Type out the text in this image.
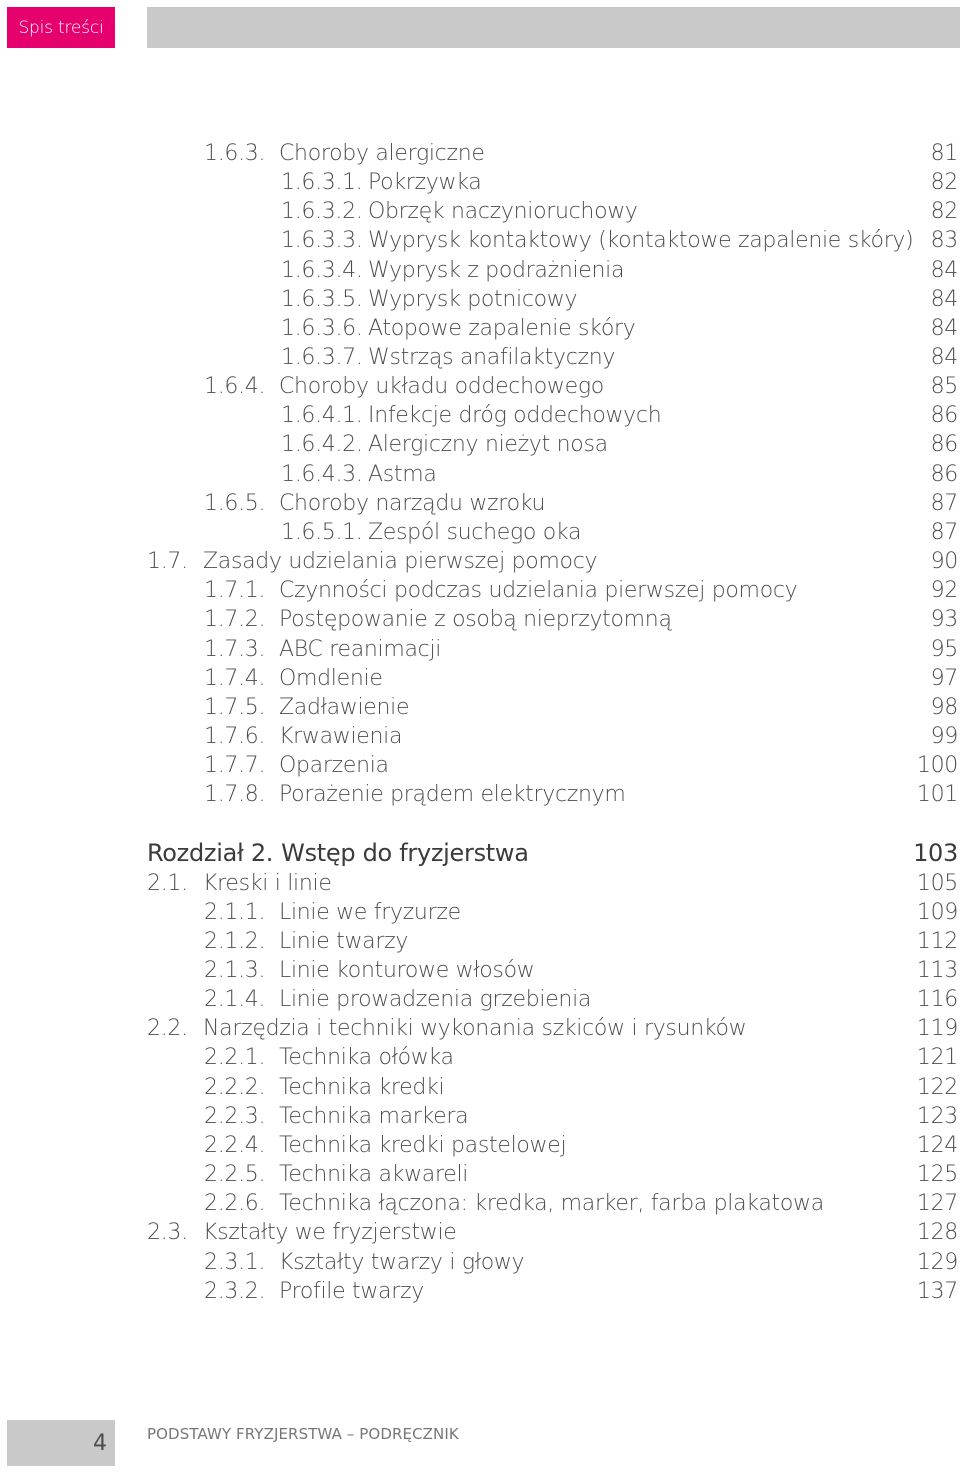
Spis treści
1.6.3. Choroby alergiczne	81
1.6.3.1. Pokrzywka	82
1.6.3.2. Obrzęk naczynioruchowy	82
1.6.3.3. Wyprysk kontaktowy (kontaktowe zapalenie skóry) 83
1.6.3.4. Wyprysk z podrażnienia	84
1.6.3.5. Wyprysk potnicowy	84
1.6.3.6. Atopowe zapalenie skóry	84
1.6.3.7. Wstrząs anafilaktyczny	84
1.6.4. Choroby układu oddechowego	85
1.6.4.1. Infekcje dróg oddechowych	86
1.6.4.2. Alergiczny nieżyt nosa	86
1.6.4.3. Astma	86
1.6.5. Choroby narządu wzroku	87
1.6.5.1. Zespól suchego oka	87
1.7. Zasady udzielania pierwszej pomocy	90
1.7.1. Czynności podczas udzielania pierwszej pomocy	92
1.7.2. Postępowanie z osobą nieprzytomną	93
1.7.3. ABC reanimacji	95
1.7.4. Omdlenie	97
1.7.5. Zadławienie	98
1.7.6. Krwawienia	99
1.7.7. Oparzenia	100
1.7.8. Porażenie prądem elektrycznym	101
Rozdział 2. Wstęp do fryzjerstwa	103
2.1. Kreski i linie	105
2.1.1. Linie we fryzurze	109
2.1.2. Linie twarzy	112
2.1.3. Linie konturowe włosów	113
2.1.4. Linie prowadzenia grzebienia	116
2.2. Narzędzia i techniki wykonania szkiców i rysunków	119
2.2.1. Technika ołówka	121
2.2.2. Technika kredki	122
2.2.3. Technika markera	123
2.2.4. Technika kredki pastelowej	124
2.2.5. Technika akwareli	125
2.2.6. Technika łączona: kredka, marker, farba plakatowa	127
2.3. Kształty we fryzjerstwie	128
2.3.1. Kształty twarzy i głowy	129
2.3.2. Profile twarzy	137
4	PODSTAWY FRYZJERSTWA – PODRĘCZNIK
